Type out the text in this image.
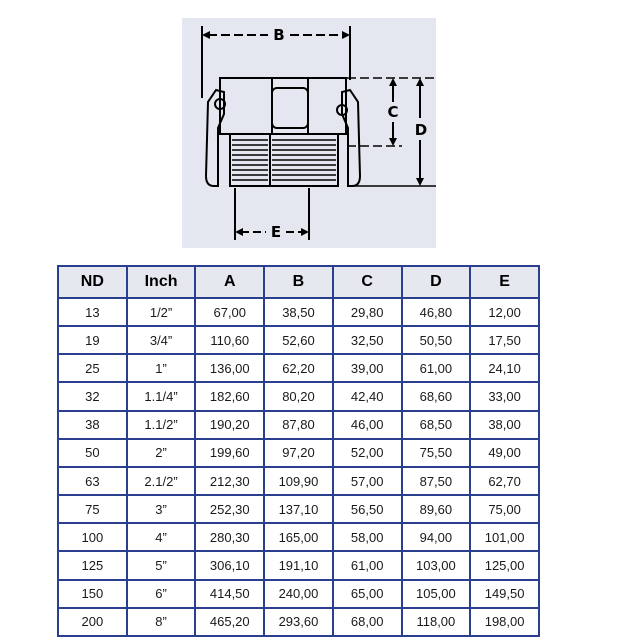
B
C
D
E
ND	Inch	A	B	C	D	E
13	1/2”	67,00	38,50	29,80	46,80	12,00
19	3/4”	110,60	52,60	32,50	50,50	17,50
25	1”	136,00	62,20	39,00	61,00	24,10
32	1.1/4”	182,60	80,20	42,40	68,60	33,00
38	1.1/2”	190,20	87,80	46,00	68,50	38,00
50	2”	199,60	97,20	52,00	75,50	49,00
63	2.1/2”	212,30	109,90	57,00	87,50	62,70
75	3”	252,30	137,10	56,50	89,60	75,00
100	4”	280,30	165,00	58,00	94,00	101,00
125	5”	306,10	191,10	61,00	103,00	125,00
150	6”	414,50	240,00	65,00	105,00	149,50
200	8”	465,20	293,60	68,00	118,00	198,00
